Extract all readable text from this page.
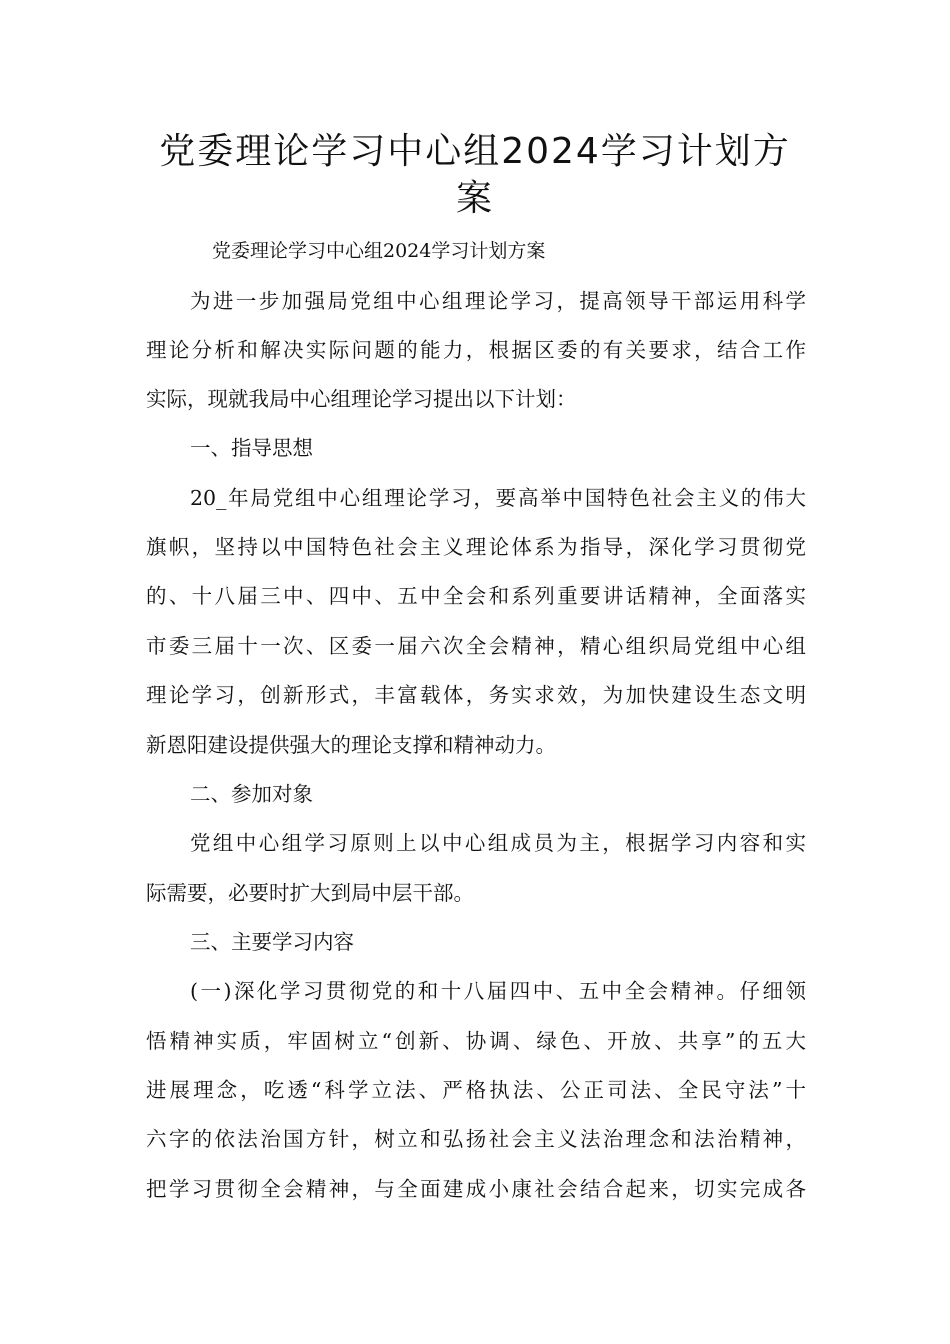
党委理论学习中心组2024学习计划方
案
党委理论学习中心组2024学习计划方案
为进一步加强局党组中心组理论学习，提高领导干部运用科学
理论分析和解决实际问题的能力，根据区委的有关要求，结合工作
实际，现就我局中心组理论学习提出以下计划：
一、指导思想
20_年局党组中心组理论学习，要高举中国特色社会主义的伟大
旗帜，坚持以中国特色社会主义理论体系为指导，深化学习贯彻党
的、十八届三中、四中、五中全会和系列重要讲话精神，全面落实
市委三届十一次、区委一届六次全会精神，精心组织局党组中心组
理论学习，创新形式，丰富载体，务实求效，为加快建设生态文明
新恩阳建设提供强大的理论支撑和精神动力。
二、参加对象
党组中心组学习原则上以中心组成员为主，根据学习内容和实
际需要，必要时扩大到局中层干部。
三、主要学习内容
(一)深化学习贯彻党的和十八届四中、五中全会精神。仔细领
悟精神实质，牢固树立“创新、协调、绿色、开放、共享”的五大
进展理念，吃透“科学立法、严格执法、公正司法、全民守法”十
六字的依法治国方针，树立和弘扬社会主义法治理念和法治精神，
把学习贯彻全会精神，与全面建成小康社会结合起来，切实完成各
